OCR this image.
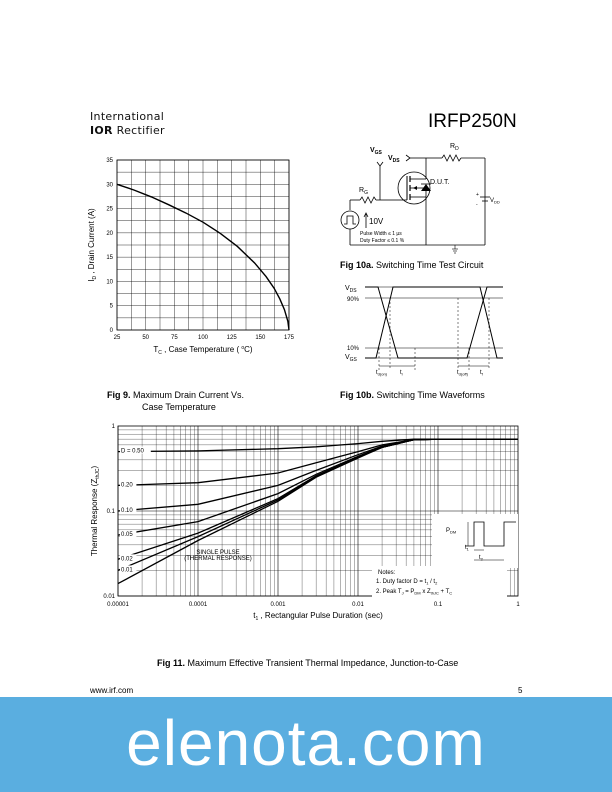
International
IOR Rectifier	IRFP250N
25	50	75	100	125	150	175
0
5
10
15
20
25
30
35
$T_C$ , Case Temperature ( $^o$C)
$I_D$ , Drain Current (A)
Fig 9. Maximum Drain Current Vs.
Case Temperature
$V_{DS}$
$R_D$
+
-
$V_{DD}$
D.U.T.
$V_{GS}$
$R_G$
10V
Pulse Width ≤ 1 µs
Duty Factor ≤ 0.1 %
Fig 10a. Switching Time Test Circuit
$V_{DS}$
90%
10%
$V_{GS}$
$t_{d(on)}$ $t_r$	$t_{d(off)}$ $t_f$
Fig 10b. Switching Time Waveforms
0.00001	0.0001	0.001	0.01	0.1	1
0.01
0.1
1
D = 0.50
0.20
0.10
0.05
0.02
0.01
SINGLE PULSE
(THERMAL RESPONSE)
Notes:
1. Duty factor $D = t_1 / t_2$
2. Peak $T_J = P_{DM}$ x $Z_{thJC} + T_C$
$P_{DM}$
$t_1$
$t_2$
$t_1$ , Rectangular Pulse Duration (sec)
Thermal Response $(Z_{thJC})$
Fig 11. Maximum Effective Transient Thermal Impedance, Junction-to-Case
www.irf.com	5
elenota.com
